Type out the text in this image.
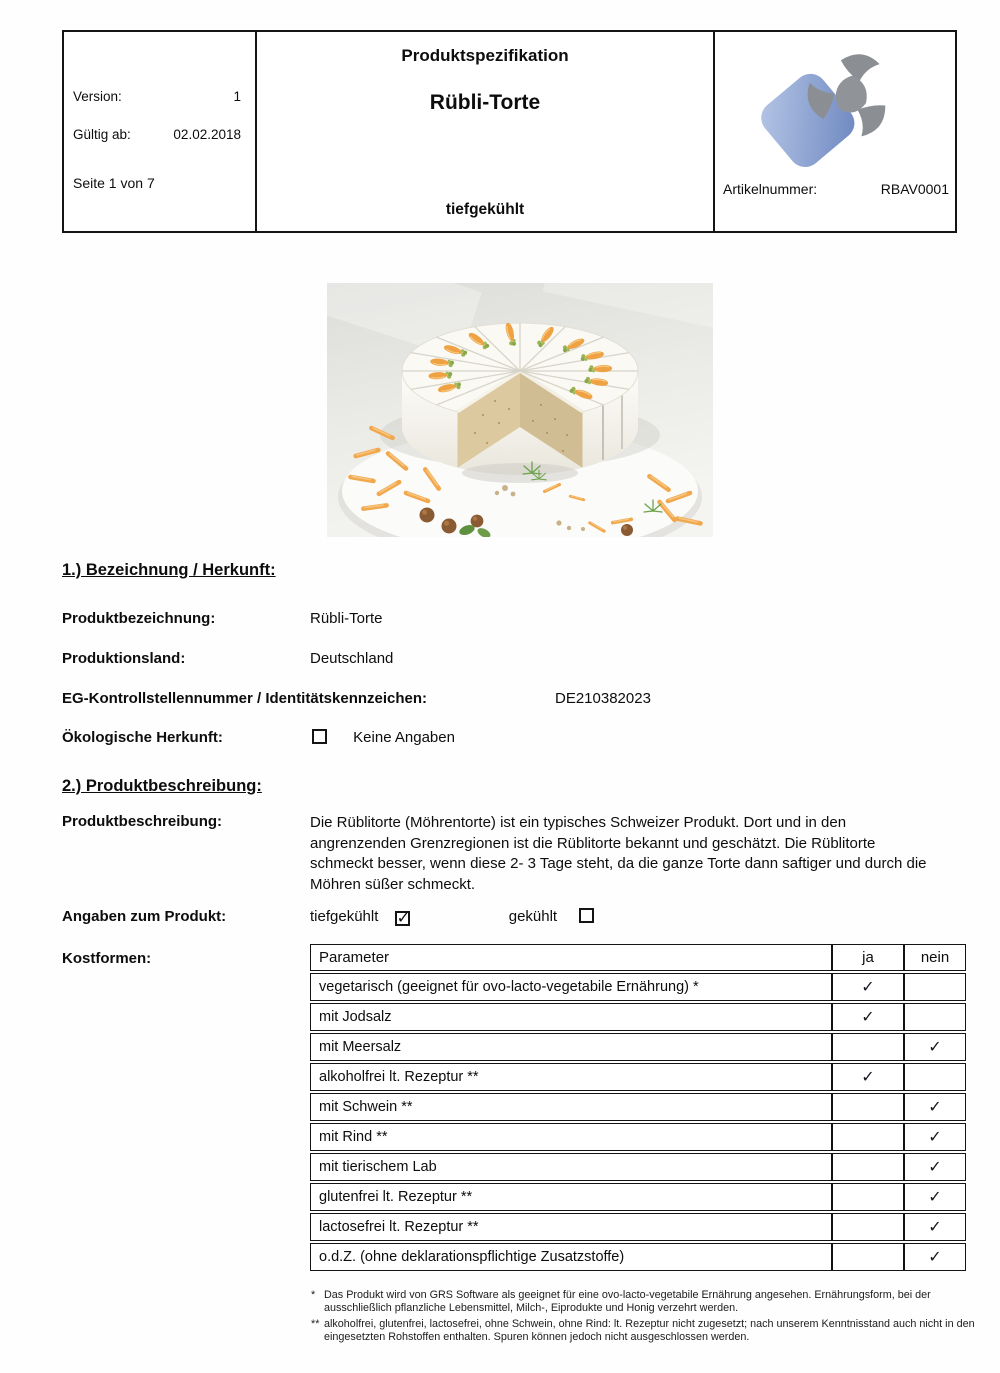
Version:	1
Gültig ab:	02.02.2018
Seite 1 von 7
Produktspezifikation
Rübli-Torte
tiefgekühlt
Artikelnummer:	RBAV0001
1.) Bezeichnung / Herkunft:
Produktbezeichnung:	Rübli-Torte
Produktionsland:	Deutschland
EG-Kontrollstellennummer / Identitätskennzeichen:	DE210382023
Ökologische Herkunft:	Keine Angaben
2.) Produktbeschreibung:
Produktbeschreibung:	Die Rüblitorte (Möhrentorte) ist ein typisches Schweizer Produkt. Dort und in den angrenzenden Grenzregionen ist die Rüblitorte bekannt und geschätzt. Die Rüblitorte schmeckt besser, wenn diese 2- 3 Tage steht, da die ganze Torte dann saftiger und durch die Möhren süßer schmeckt.
Angaben zum Produkt:	tiefgekühlt ✓	gekühlt
Kostformen:	Parameter	ja	nein
vegetarisch (geeignet für ovo-lacto-vegetabile Ernährung) *	✓	
mit Jodsalz	✓	
mit Meersalz		✓
alkoholfrei lt. Rezeptur **	✓	
mit Schwein **		✓
mit Rind **		✓
mit tierischem Lab		✓
glutenfrei lt. Rezeptur **		✓
lactosefrei lt. Rezeptur **		✓
o.d.Z. (ohne deklarationspflichtige Zusatzstoffe)		✓
* Das Produkt wird von GRS Software als geeignet für eine ovo-lacto-vegetabile Ernährung angesehen. Ernährungsform, bei der ausschließlich pflanzliche Lebensmittel, Milch-, Eiprodukte und Honig verzehrt werden.
** alkoholfrei, glutenfrei, lactosefrei, ohne Schwein, ohne Rind: lt. Rezeptur nicht zugesetzt; nach unserem Kenntnisstand auch nicht in den eingesetzten Rohstoffen enthalten. Spuren können jedoch nicht ausgeschlossen werden.
